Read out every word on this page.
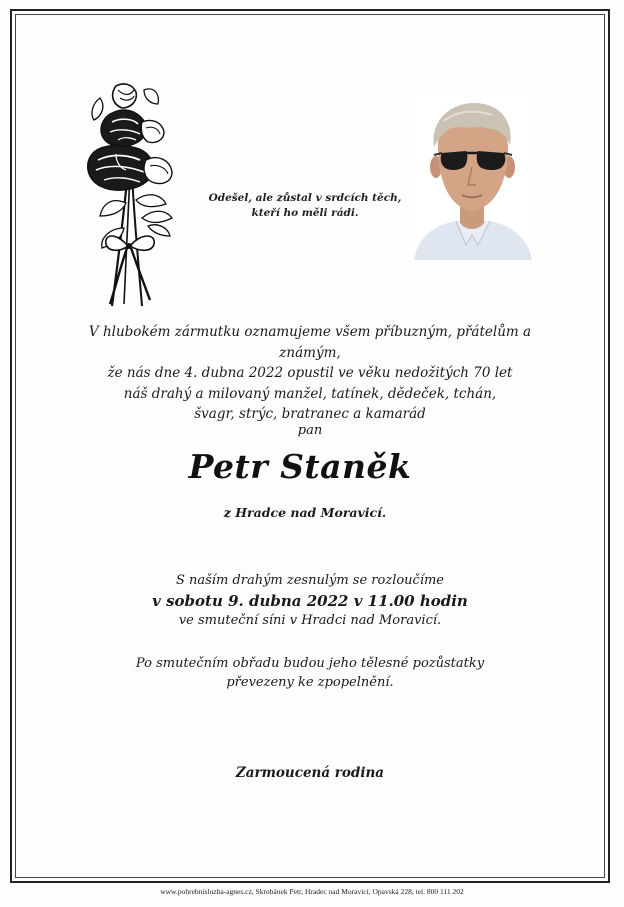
Odešel, ale zůstal v srdcích těch,
kteří ho měli rádi.
V hlubokém zármutku oznamujeme všem příbuzným, přátelům a známým,
že nás dne 4. dubna 2022 opustil ve věku nedožitých 70 let
náš drahý a milovaný manžel, tatínek, dědeček, tchán,
švagr, strýc, bratranec a kamarád
pan
Petr Staněk
z Hradce nad Moravicí.
S naším drahým zesnulým se rozloučíme
v sobotu 9. dubna 2022 v 11.00 hodin
ve smuteční síni v Hradci nad Moravicí.
Po smutečním obřadu budou jeho tělesné pozůstatky
převezeny ke zpopelnění.
Zarmoucená rodina
www.pohrebnisluzba-agnes.cz, Skrobánek Petr, Hradec nad Moravicí, Opavská 228, tel. 800 111 202
